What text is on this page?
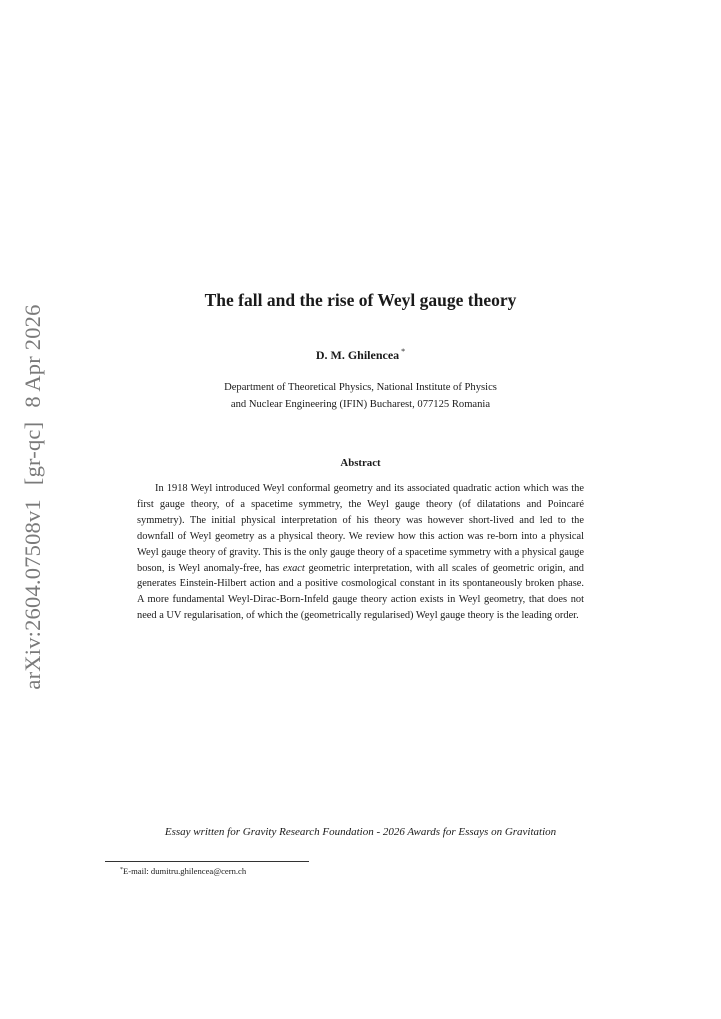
arXiv:2604.07508v1[gr-qc]8 Apr 2026
The fall and the rise of Weyl gauge theory
D. M. Ghilencea *
Department of Theoretical Physics, National Institute of Physics
and Nuclear Engineering (IFIN) Bucharest, 077125 Romania
Abstract
In 1918 Weyl introduced Weyl conformal geometry and its associated quadratic action which was the first gauge theory, of a spacetime symmetry, the Weyl gauge theory (of dilatations and Poincaré symmetry). The initial physical interpretation of his theory was however short-lived and led to the downfall of Weyl geometry as a physical theory. We review how this action was re-born into a physical Weyl gauge theory of gravity. This is the only gauge theory of a spacetime symmetry with a physical gauge boson, is Weyl anomaly-free, has exact geometric interpretation, with all scales of geometric origin, and generates Einstein-Hilbert action and a positive cosmological constant in its spontaneously broken phase. A more fundamental Weyl-Dirac-Born-Infeld gauge theory action exists in Weyl geometry, that does not need a UV regularisation, of which the (geometrically regularised) Weyl gauge theory is the leading order.
Essay written for Gravity Research Foundation - 2026 Awards for Essays on Gravitation
*E-mail: dumitru.ghilencea@cern.ch
